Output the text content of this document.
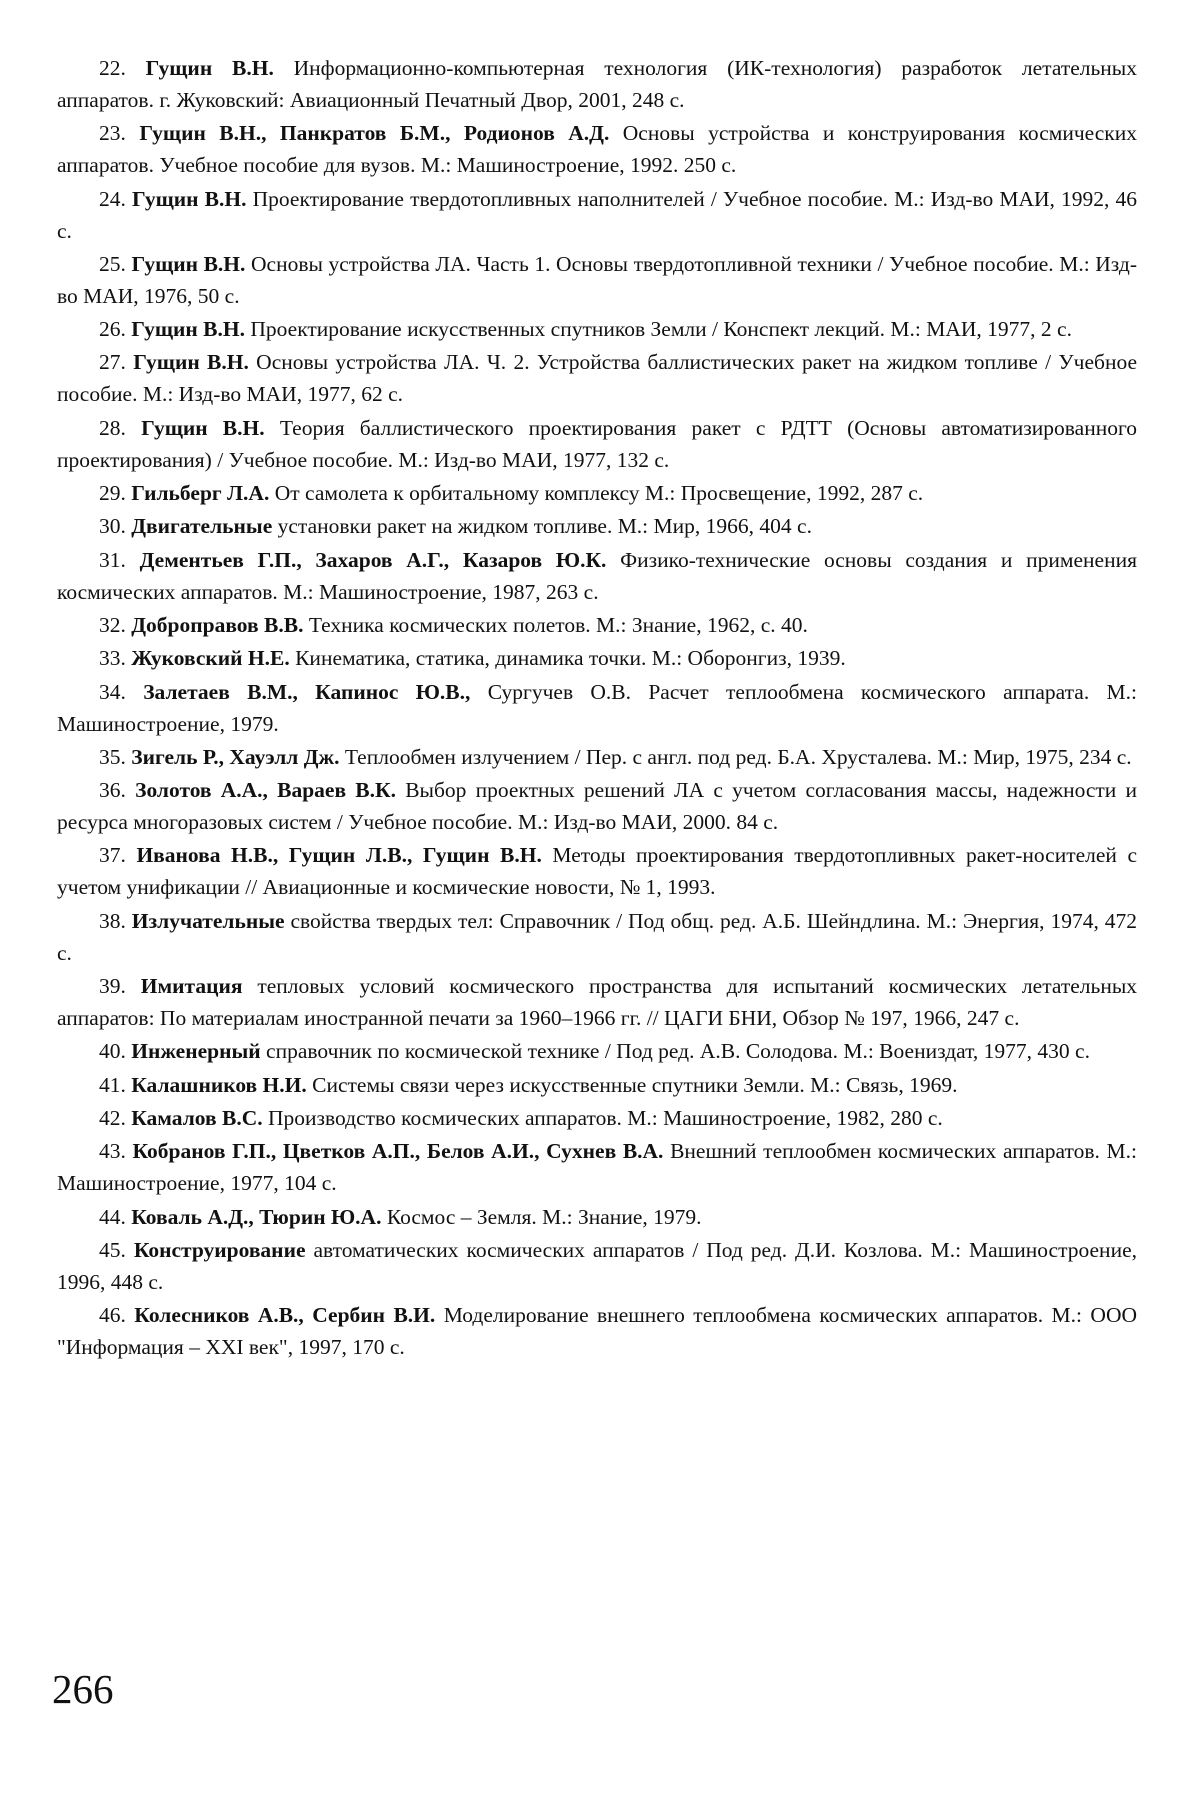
22. Гущин В.Н. Информационно-компьютерная технология (ИК-технология) разработок летательных аппаратов. г. Жуковский: Авиационный Печатный Двор, 2001, 248 с.
23. Гущин В.Н., Панкратов Б.М., Родионов А.Д. Основы устройства и конструирования космических аппаратов. Учебное пособие для вузов. М.: Машиностроение, 1992. 250 с.
24. Гущин В.Н. Проектирование твердотопливных наполнителей / Учебное пособие. М.: Изд-во МАИ, 1992, 46 с.
25. Гущин В.Н. Основы устройства ЛА. Часть 1. Основы твердотопливной техники / Учебное пособие. М.: Изд-во МАИ, 1976, 50 с.
26. Гущин В.Н. Проектирование искусственных спутников Земли / Конспект лекций. М.: МАИ, 1977, 2 с.
27. Гущин В.Н. Основы устройства ЛА. Ч. 2. Устройства баллистических ракет на жидком топливе / Учебное пособие. М.: Изд-во МАИ, 1977, 62 с.
28. Гущин В.Н. Теория баллистического проектирования ракет с РДТТ (Основы автоматизированного проектирования) / Учебное пособие. М.: Изд-во МАИ, 1977, 132 с.
29. Гильберг Л.А. От самолета к орбитальному комплексу М.: Просвещение, 1992, 287 с.
30. Двигательные установки ракет на жидком топливе. М.: Мир, 1966, 404 с.
31. Дементьев Г.П., Захаров А.Г., Казаров Ю.К. Физико-технические основы создания и применения космических аппаратов. М.: Машиностроение, 1987, 263 с.
32. Доброправов В.В. Техника космических полетов. М.: Знание, 1962, с. 40.
33. Жуковский Н.Е. Кинематика, статика, динамика точки. М.: Оборонгиз, 1939.
34. Залетаев В.М., Капинос Ю.В., Сургучев О.В. Расчет теплообмена космического аппарата. М.: Машиностроение, 1979.
35. Зигель Р., Хауэлл Дж. Теплообмен излучением / Пер. с англ. под ред. Б.А. Хрусталева. М.: Мир, 1975, 234 с.
36. Золотов А.А., Вараев В.К. Выбор проектных решений ЛА с учетом согласования массы, надежности и ресурса многоразовых систем / Учебное пособие. М.: Изд-во МАИ, 2000. 84 с.
37. Иванова Н.В., Гущин Л.В., Гущин В.Н. Методы проектирования твердотопливных ракет-носителей с учетом унификации // Авиационные и космические новости, № 1, 1993.
38. Излучательные свойства твердых тел: Справочник / Под общ. ред. А.Б. Шейндлина. М.: Энергия, 1974, 472 с.
39. Имитация тепловых условий космического пространства для испытаний космических летательных аппаратов: По материалам иностранной печати за 1960–1966 гг. // ЦАГИ БНИ, Обзор № 197, 1966, 247 с.
40. Инженерный справочник по космической технике / Под ред. А.В. Солодова. М.: Воениздат, 1977, 430 с.
41. Калашников Н.И. Системы связи через искусственные спутники Земли. М.: Связь, 1969.
42. Камалов В.С. Производство космических аппаратов. М.: Машиностроение, 1982, 280 с.
43. Кобранов Г.П., Цветков А.П., Белов А.И., Сухнев В.А. Внешний теплообмен космических аппаратов. М.: Машиностроение, 1977, 104 с.
44. Коваль А.Д., Тюрин Ю.А. Космос – Земля. М.: Знание, 1979.
45. Конструирование автоматических космических аппаратов / Под ред. Д.И. Козлова. М.: Машиностроение, 1996, 448 с.
46. Колесников А.В., Сербин В.И. Моделирование внешнего теплообмена космических аппаратов. М.: ООО "Информация – XXI век", 1997, 170 с.
266
